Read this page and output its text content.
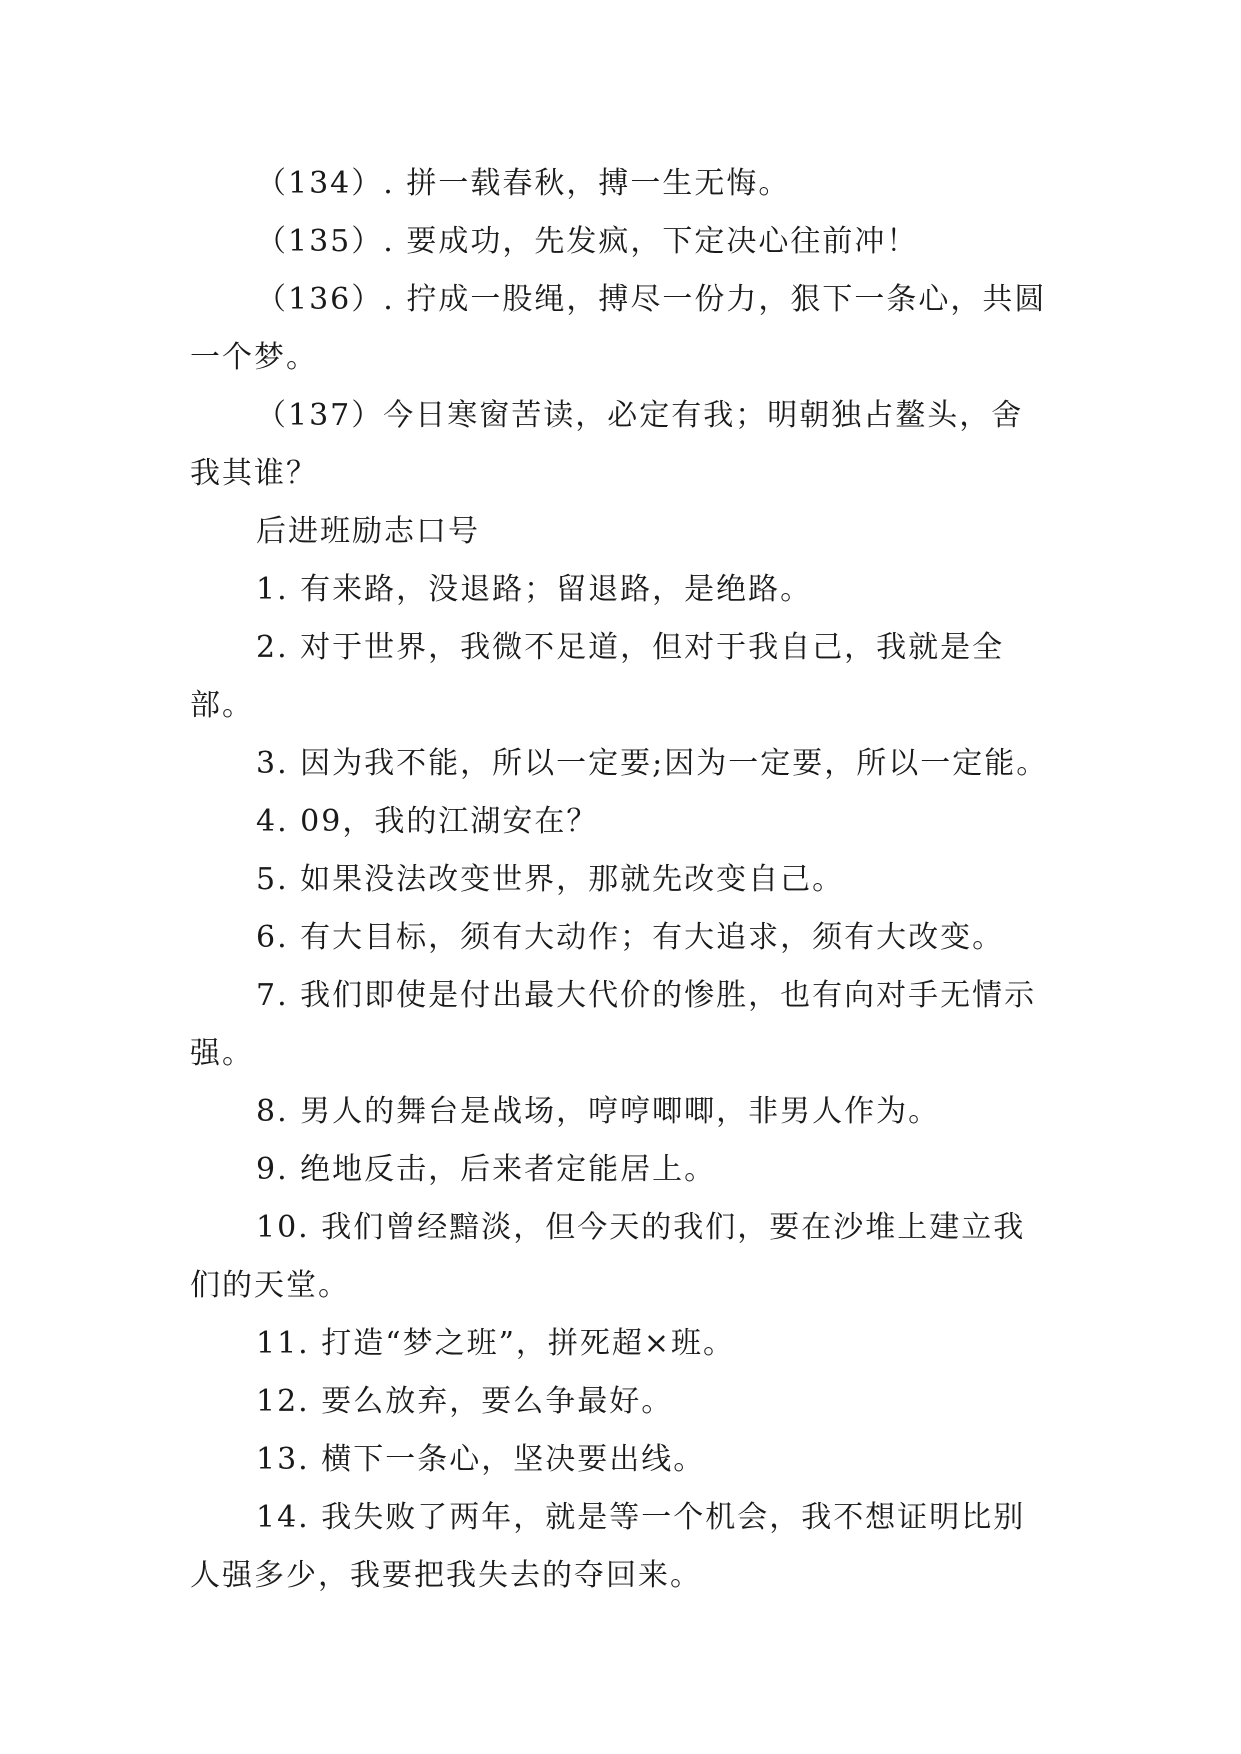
（134）. 拼一载春秋，搏一生无悔。

（135）. 要成功，先发疯，下定决心往前冲！

（136）. 拧成一股绳，搏尽一份力，狠下一条心，共圆一个梦。

（137）今日寒窗苦读，必定有我；明朝独占鳌头，舍我其谁？

后进班励志口号

1. 有来路，没退路；留退路，是绝路。

2. 对于世界，我微不足道，但对于我自己，我就是全部。

3. 因为我不能，所以一定要;因为一定要，所以一定能。

4. 09，我的江湖安在？

5. 如果没法改变世界，那就先改变自己。

6. 有大目标，须有大动作；有大追求，须有大改变。

7. 我们即使是付出最大代价的惨胜，也有向对手无情示强。

8. 男人的舞台是战场，哼哼唧唧，非男人作为。

9. 绝地反击，后来者定能居上。

10. 我们曾经黯淡，但今天的我们，要在沙堆上建立我们的天堂。

11. 打造“梦之班”，拼死超×班。

12. 要么放弃，要么争最好。

13. 横下一条心，坚决要出线。

14. 我失败了两年，就是等一个机会，我不想证明比别人强多少，我要把我失去的夺回来。
